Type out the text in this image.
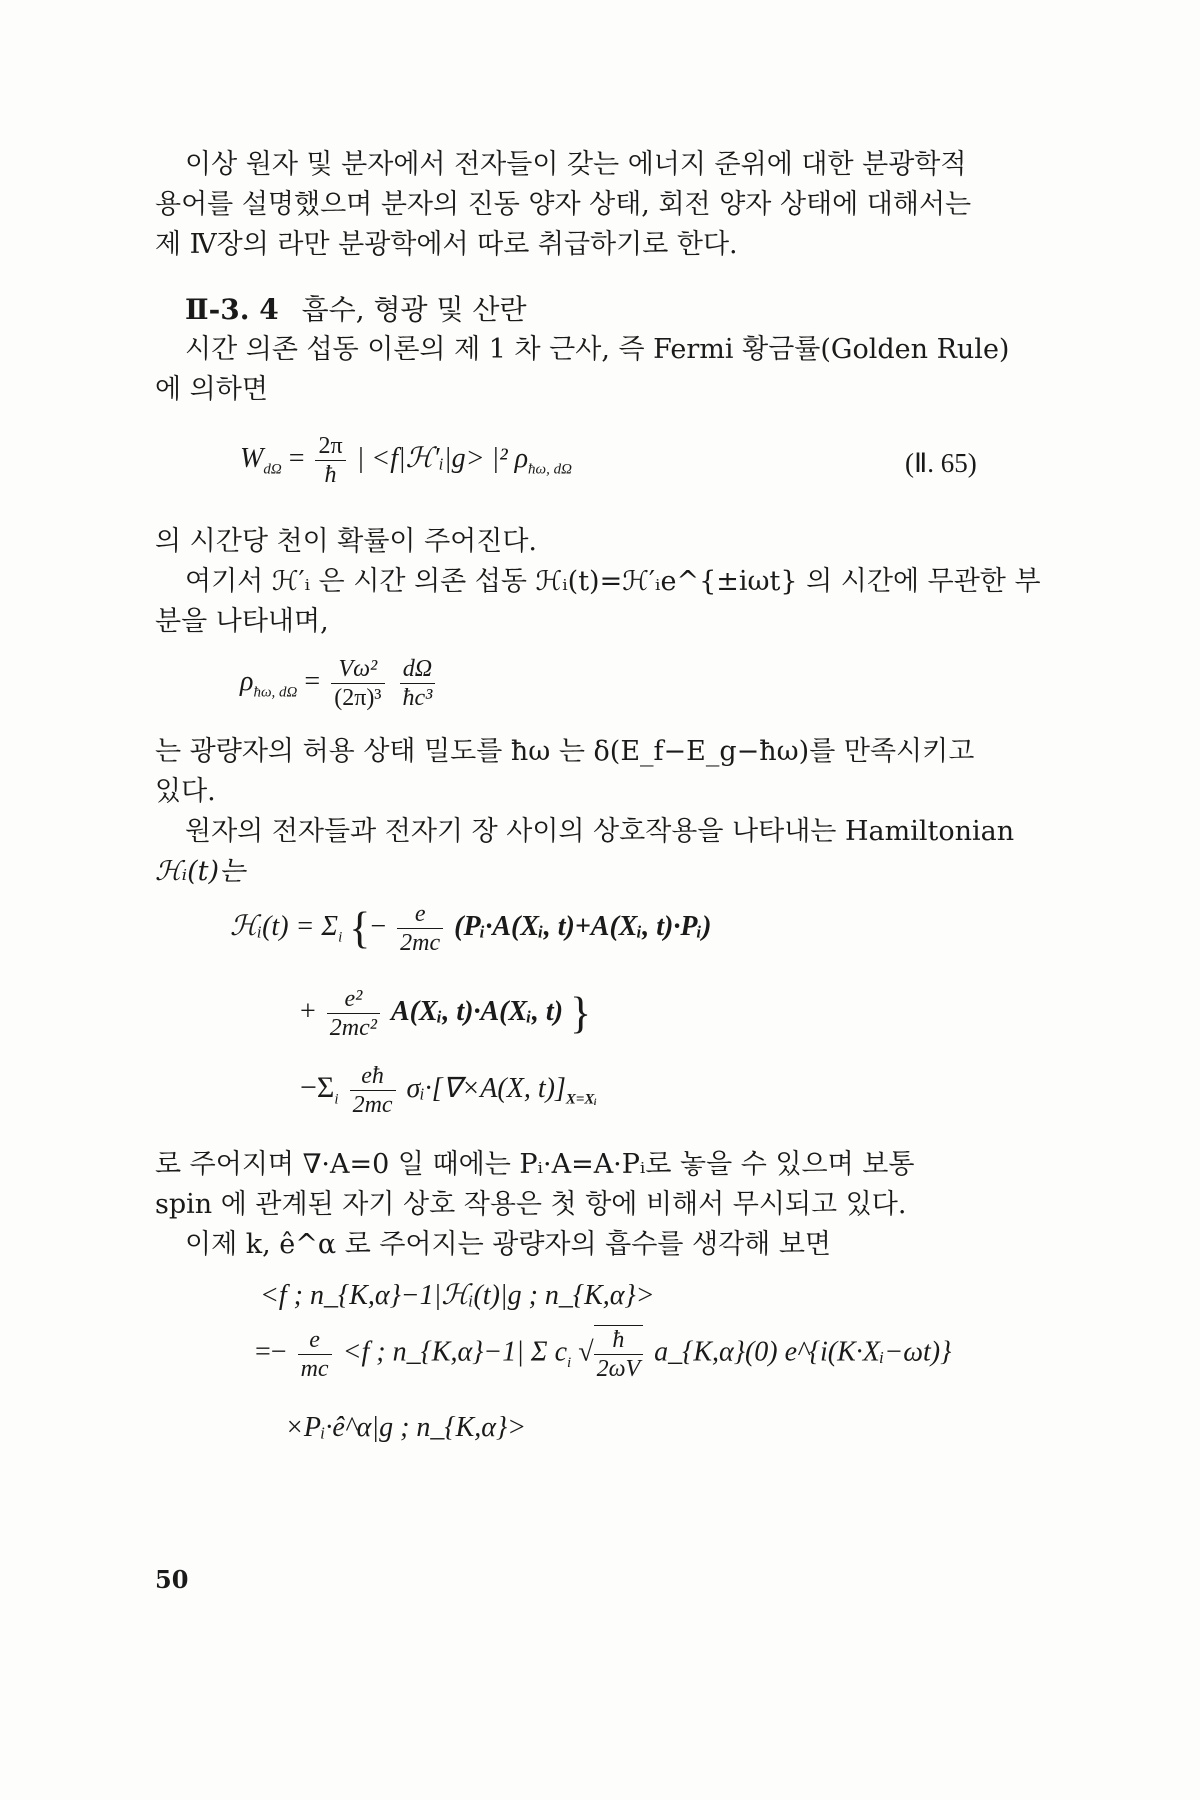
이상 원자 및 분자에서 전자들이 갖는 에너지 준위에 대한 분광학적
용어를 설명했으며 분자의 진동 양자 상태, 회전 양자 상태에 대해서는
제 Ⅳ장의 라만 분광학에서 따로 취급하기로 한다.
Ⅱ-3. 4 흡수, 형광 및 산란
시간 의존 섭동 이론의 제 1 차 근사, 즉 Fermi 황금률(Golden Rule)
에 의하면
$W_{d\Omega} = \frac{2\pi}{ħ}$ | <f|ℋ′ᵢ|g> |² $\rho_{ħ\omega, d\Omega}$	(Ⅱ. 65)
의 시간당 천이 확률이 주어진다.
여기서 ℋ′ᵢ 은 시간 의존 섭동 ℋᵢ(t)=ℋ′ᵢe^{±iωt} 의 시간에 무관한 부
분을 나타내며,
$\rho_{ħ\omega, d\Omega} = \frac{\text{Vω²}}{\text{(2π)³}}$
$\frac{d\Omega}{\text{ħc³}}$
는 광량자의 허용 상태 밀도를 ħω 는 δ(E_f−E_g−ħω)를 만족시키고
있다.
원자의 전자들과 전자기 장 사이의 상호작용을 나타내는 Hamiltonian
ℋᵢ(t)는
ℋᵢ(t) = $\Sigma_i$ {− $\frac{e}{2mc}$ (Pᵢ·A(Xᵢ, t)+A(Xᵢ, t)·Pᵢ)
+ $\frac{\text{e²}}{\text{2mc²}}$ A(Xᵢ, t)·A(Xᵢ, t) }
$-\Sigma_i \frac{eħ}{2mc}$ σᵢ·[∇×A(X, $t)]_{X=Xᵢ}$
로 주어지며 ∇·A=0 일 때에는 Pᵢ·A=A·Pᵢ로 놓을 수 있으며 보통
spin 에 관계된 자기 상호 작용은 첫 항에 비해서 무시되고 있다.
이제 k, ê^α 로 주어지는 광량자의 흡수를 생각해 보면
<f ; n_{K,α}−1|ℋᵢ(t)|g ; n_{K,α}>
=− $\frac{e}{mc} <f$ ; n_{K,α}−1| Σ $c_i$ √ $\frac{ħ}{2\omega V}$ a_{K,α}(0) e^{i(K·Xᵢ−ωt)}
×Pᵢ·ê^α|g ; n_{K,α}>
50
